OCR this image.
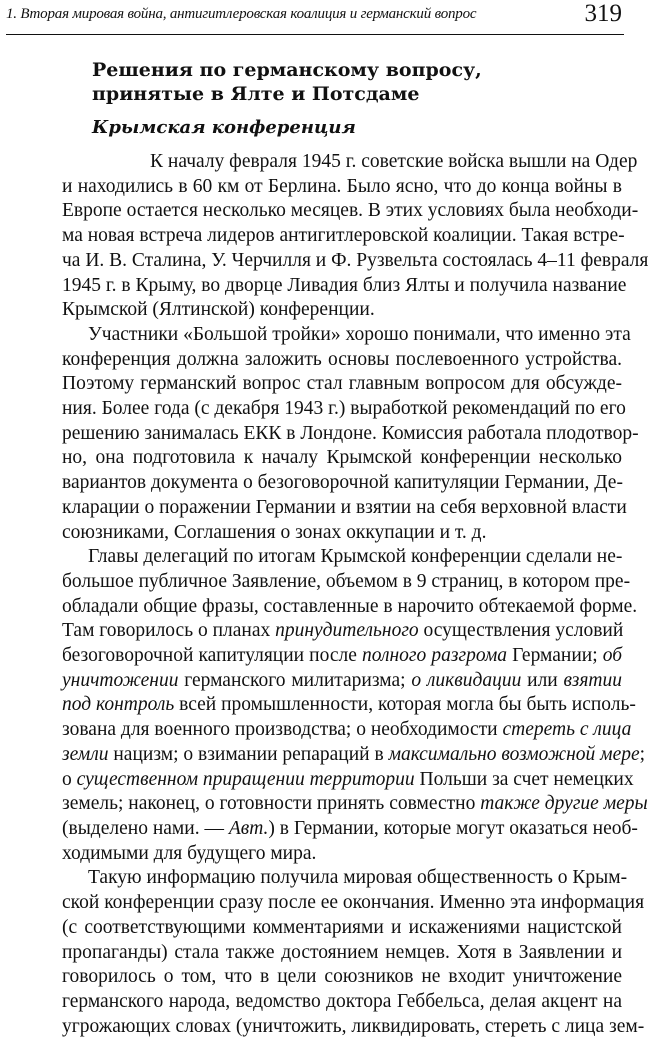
1. Вторая мировая война, антигитлеровская коалиция и германский вопрос	319
Решения по германскому вопросу,
принятые в Ялте и Потсдаме
Крымская конференция
К началу февраля 1945 г. советские войска вышли на Одер
и находились в 60 км от Берлина. Было ясно, что до конца войны в
Европе остается несколько месяцев. В этих условиях была необходи-
ма новая встреча лидеров антигитлеровской коалиции. Такая встре-
ча И. В. Сталина, У. Черчилля и Ф. Рузвельта состоялась 4–11 февраля
1945 г. в Крыму, во дворце Ливадия близ Ялты и получила название
Крымской (Ялтинской) конференции.
Участники «Большой тройки» хорошо понимали, что именно эта
конференция должна заложить основы послевоенного устройства.
Поэтому германский вопрос стал главным вопросом для обсужде-
ния. Более года (с декабря 1943 г.) выработкой рекомендаций по его
решению занималась ЕКК в Лондоне. Комиссия работала плодотвор-
но, она подготовила к началу Крымской конференции несколько
вариантов документа о безоговорочной капитуляции Германии, Де-
кларации о поражении Германии и взятии на себя верховной власти
союзниками, Соглашения о зонах оккупации и т. д.
Главы делегаций по итогам Крымской конференции сделали не-
большое публичное Заявление, объемом в 9 страниц, в котором пре-
обладали общие фразы, составленные в нарочито обтекаемой форме.
Там говорилось о планах принудительного осуществления условий
безоговорочной капитуляции после полного разгрома Германии; об
уничтожении германского милитаризма; о ликвидации или взятии
под контроль всей промышленности, которая могла бы быть исполь-
зована для военного производства; о необходимости стереть с лица
земли нацизм; о взимании репараций в максимально возможной мере;
о существенном приращении территории Польши за счет немецких
земель; наконец, о готовности принять совместно также другие меры
(выделено нами. — Авт.) в Германии, которые могут оказаться необ-
ходимыми для будущего мира.
Такую информацию получила мировая общественность о Крым-
ской конференции сразу после ее окончания. Именно эта информация
(с соответствующими комментариями и искажениями нацистской
пропаганды) стала также достоянием немцев. Хотя в Заявлении и
говорилось о том, что в цели союзников не входит уничтожение
германского народа, ведомство доктора Геббельса, делая акцент на
угрожающих словах (уничтожить, ликвидировать, стереть с лица зем-
